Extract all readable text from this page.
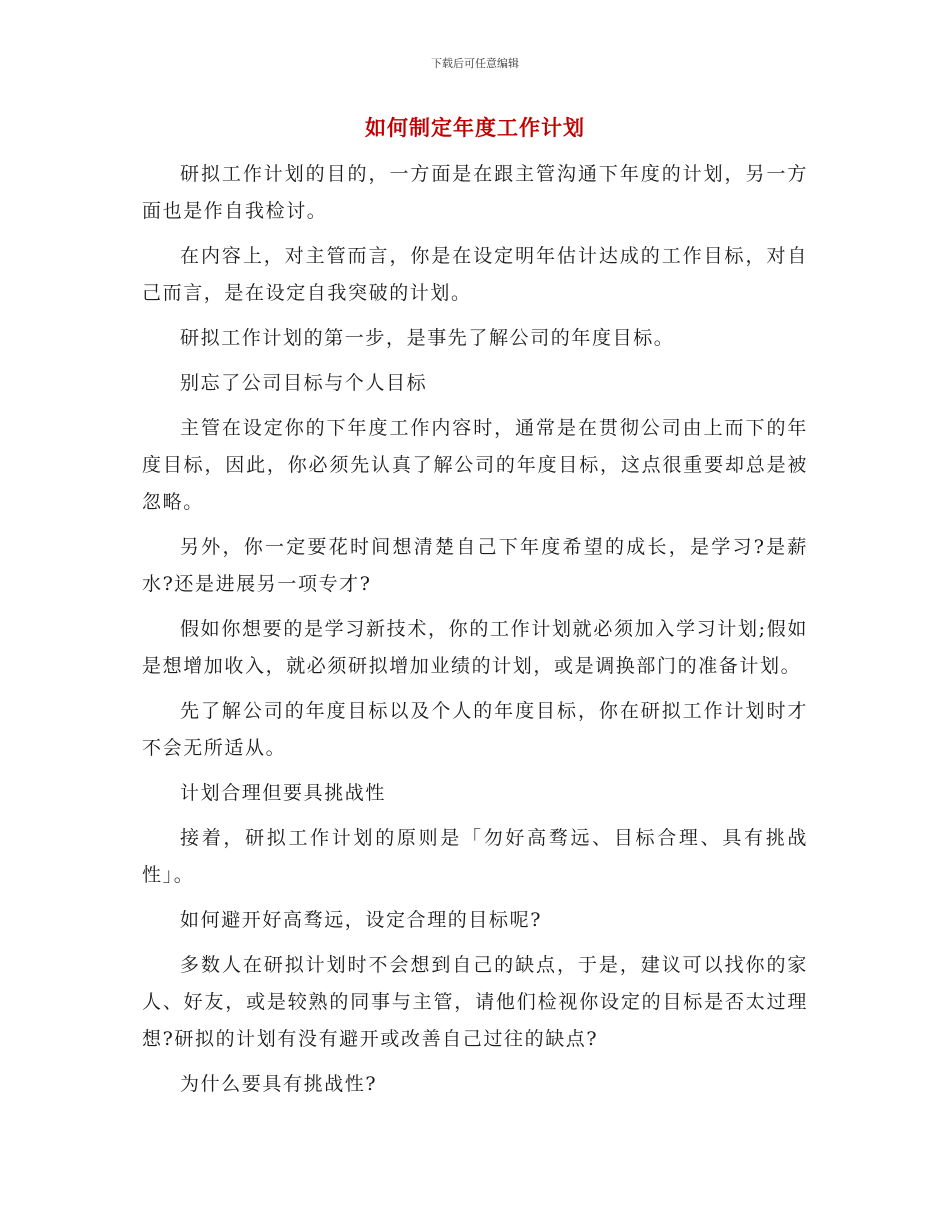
下载后可任意编辑
如何制定年度工作计划

研拟工作计划的目的，一方面是在跟主管沟通下年度的计划，另一方面也是作自我检讨。

在内容上，对主管而言，你是在设定明年估计达成的工作目标，对自己而言，是在设定自我突破的计划。

研拟工作计划的第一步，是事先了解公司的年度目标。

别忘了公司目标与个人目标

主管在设定你的下年度工作内容时，通常是在贯彻公司由上而下的年度目标，因此，你必须先认真了解公司的年度目标，这点很重要却总是被忽略。

另外，你一定要花时间想清楚自己下年度希望的成长，是学习?是薪水?还是进展另一项专才?

假如你想要的是学习新技术，你的工作计划就必须加入学习计划;假如是想增加收入，就必须研拟增加业绩的计划，或是调换部门的准备计划。

先了解公司的年度目标以及个人的年度目标，你在研拟工作计划时才不会无所适从。

计划合理但要具挑战性

接着，研拟工作计划的原则是「勿好高骛远、目标合理、具有挑战性」。

如何避开好高骛远，设定合理的目标呢?

多数人在研拟计划时不会想到自己的缺点，于是，建议可以找你的家人、好友，或是较熟的同事与主管，请他们检视你设定的目标是否太过理想?研拟的计划有没有避开或改善自己过往的缺点?

为什么要具有挑战性?
